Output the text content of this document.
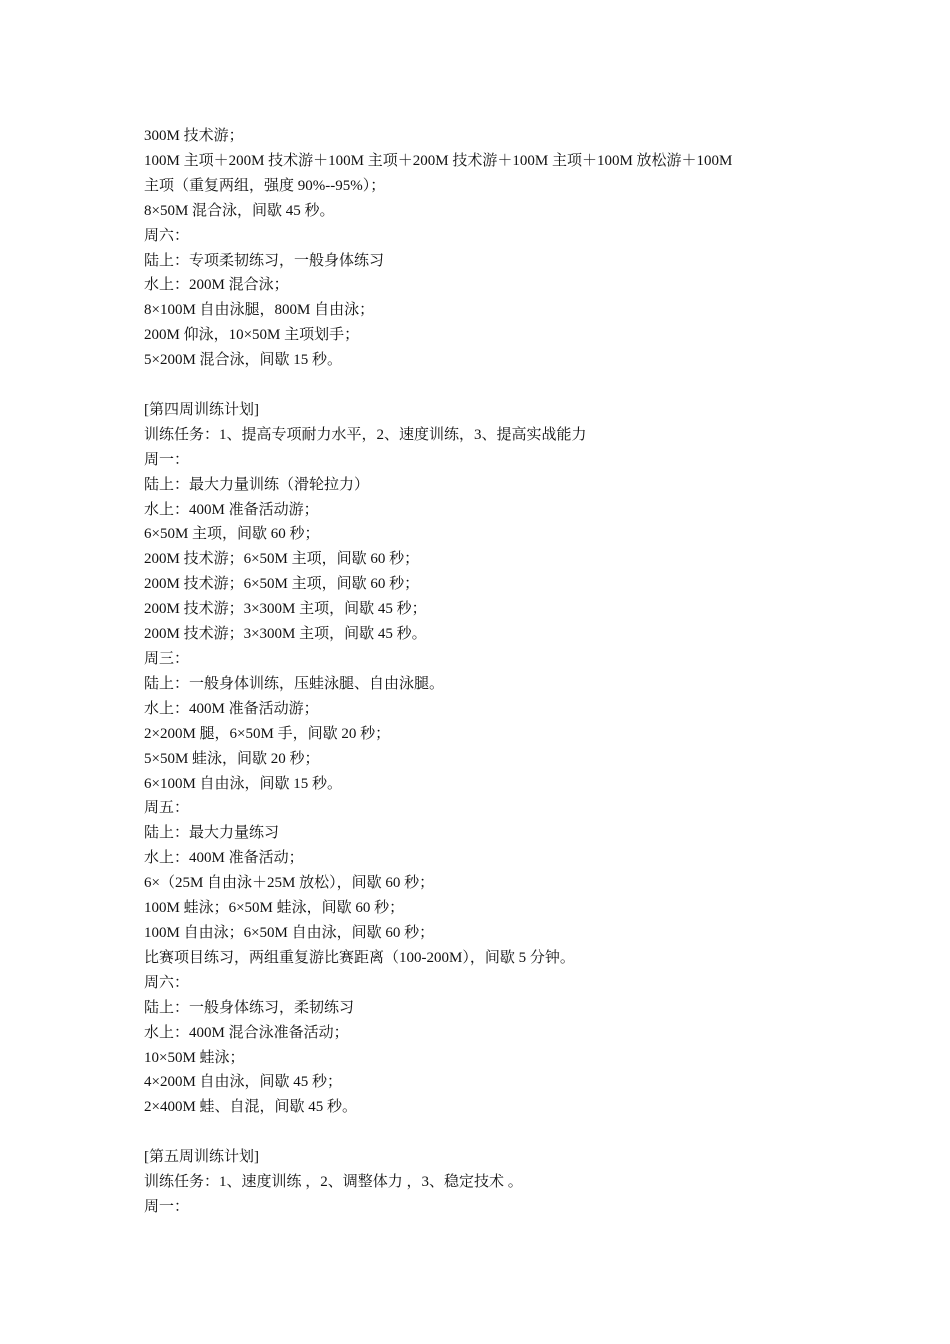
300M 技术游；
100M 主项＋200M 技术游＋100M 主项＋200M 技术游＋100M 主项＋100M 放松游＋100M
主项（重复两组，强度 90%--95%）；
8×50M 混合泳，间歇 45 秒。
周六：
陆上：专项柔韧练习，一般身体练习
水上：200M 混合泳；
8×100M 自由泳腿，800M 自由泳；
200M 仰泳，10×50M 主项划手；
5×200M 混合泳，间歇 15 秒。
[第四周训练计划]
训练任务：1、提高专项耐力水平，2、速度训练，3、提高实战能力
周一：
陆上：最大力量训练（滑轮拉力）
水上：400M 准备活动游；
6×50M 主项，间歇 60 秒；
200M 技术游；6×50M 主项，间歇 60 秒；
200M 技术游；6×50M 主项，间歇 60 秒；
200M 技术游；3×300M 主项，间歇 45 秒；
200M 技术游；3×300M 主项，间歇 45 秒。
周三：
陆上：一般身体训练，压蛙泳腿、自由泳腿。
水上：400M 准备活动游；
2×200M 腿，6×50M 手，间歇 20 秒；
5×50M 蛙泳，间歇 20 秒；
6×100M 自由泳，间歇 15 秒。
周五：
陆上：最大力量练习
水上：400M 准备活动；
6×（25M 自由泳＋25M 放松），间歇 60 秒；
100M 蛙泳；6×50M 蛙泳，间歇 60 秒；
100M 自由泳；6×50M 自由泳，间歇 60 秒；
比赛项目练习，两组重复游比赛距离（100-200M），间歇 5 分钟。
周六：
陆上：一般身体练习，柔韧练习
水上：400M 混合泳准备活动；
10×50M 蛙泳；
4×200M 自由泳，间歇 45 秒；
2×400M 蛙、自混，间歇 45 秒。
[第五周训练计划]
训练任务：1、速度训练 ，2、调整体力 ，3、稳定技术 。
周一：
